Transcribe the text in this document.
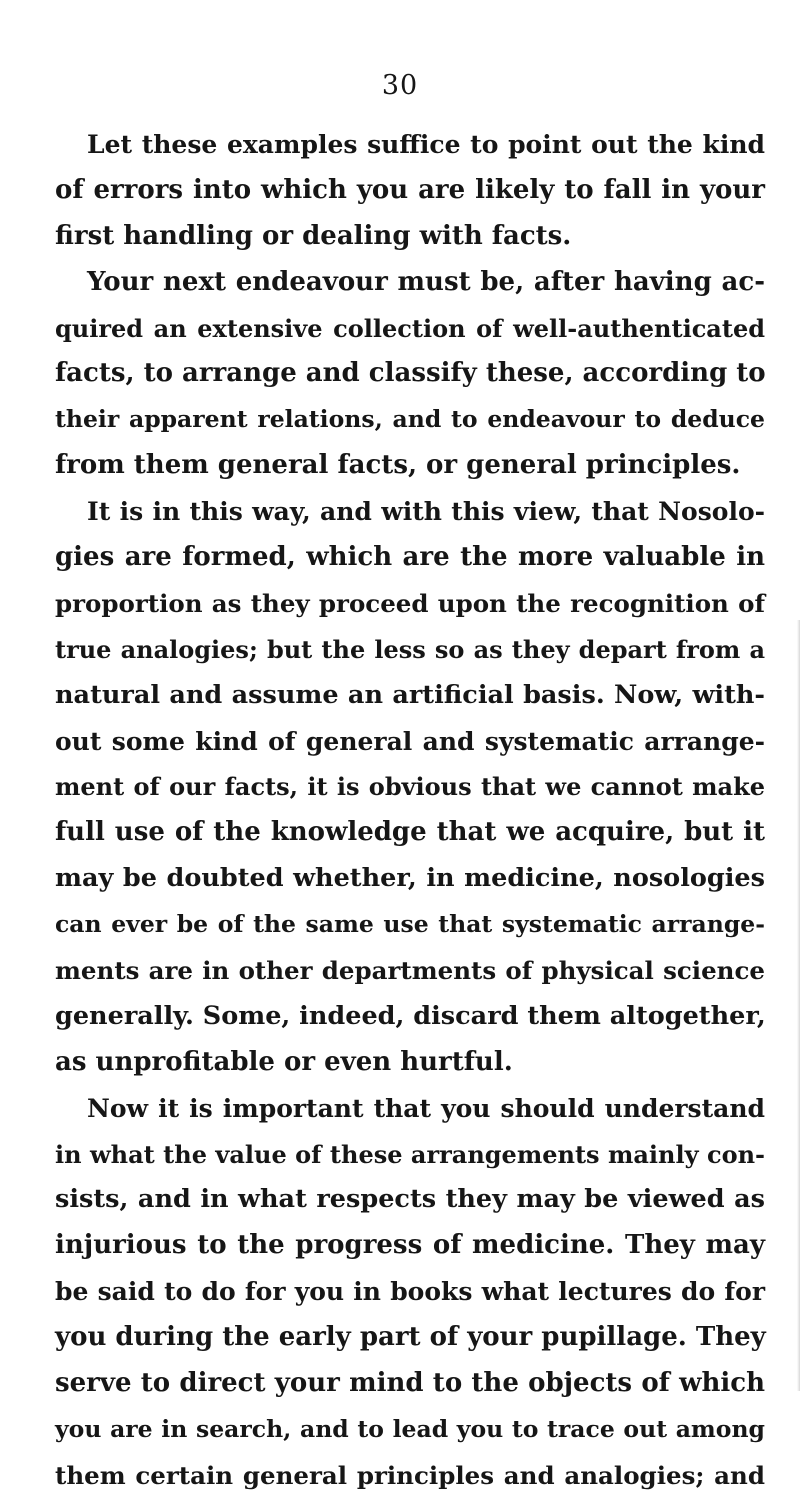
30
Let these examples suffice to point out the kind
of errors into which you are likely to fall in your
first handling or dealing with facts.
Your next endeavour must be, after having ac-
quired an extensive collection of well-authenticated
facts, to arrange and classify these, according to
their apparent relations, and to endeavour to deduce
from them general facts, or general principles.
It is in this way, and with this view, that Nosolo-
gies are formed, which are the more valuable in
proportion as they proceed upon the recognition of
true analogies; but the less so as they depart from a
natural and assume an artificial basis. Now, with-
out some kind of general and systematic arrange-
ment of our facts, it is obvious that we cannot make
full use of the knowledge that we acquire, but it
may be doubted whether, in medicine, nosologies
can ever be of the same use that systematic arrange-
ments are in other departments of physical science
generally. Some, indeed, discard them altogether,
as unprofitable or even hurtful.
Now it is important that you should understand
in what the value of these arrangements mainly con-
sists, and in what respects they may be viewed as
injurious to the progress of medicine. They may
be said to do for you in books what lectures do for
you during the early part of your pupillage. They
serve to direct your mind to the objects of which
you are in search, and to lead you to trace out among
them certain general principles and analogies; and
